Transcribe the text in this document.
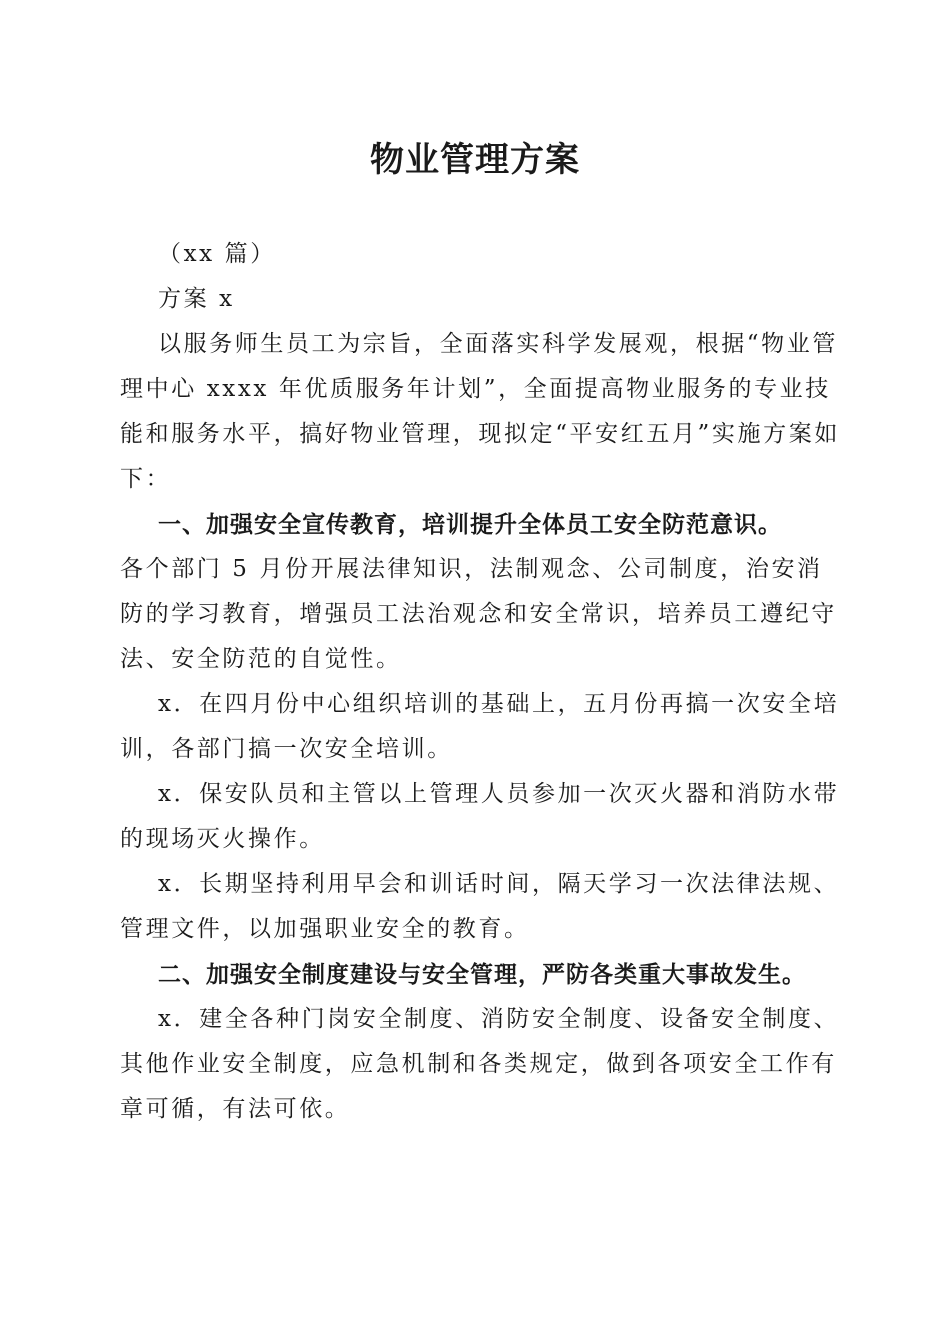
物业管理方案

（xx 篇）

方案 x

以服务师生员工为宗旨，全面落实科学发展观，根据“物业管理中心 xxxx 年优质服务年计划”，全面提高物业服务的专业技能和服务水平，搞好物业管理，现拟定“平安红五月”实施方案如下：

一、加强安全宣传教育，培训提升全体员工安全防范意识。

各个部门 5 月份开展法律知识，法制观念、公司制度，治安消防的学习教育，增强员工法治观念和安全常识，培养员工遵纪守法、安全防范的自觉性。

x．在四月份中心组织培训的基础上，五月份再搞一次安全培训，各部门搞一次安全培训。

x．保安队员和主管以上管理人员参加一次灭火器和消防水带的现场灭火操作。

x．长期坚持利用早会和训话时间，隔天学习一次法律法规、管理文件，以加强职业安全的教育。

二、加强安全制度建设与安全管理，严防各类重大事故发生。

x．建全各种门岗安全制度、消防安全制度、设备安全制度、其他作业安全制度，应急机制和各类规定，做到各项安全工作有章可循，有法可依。
